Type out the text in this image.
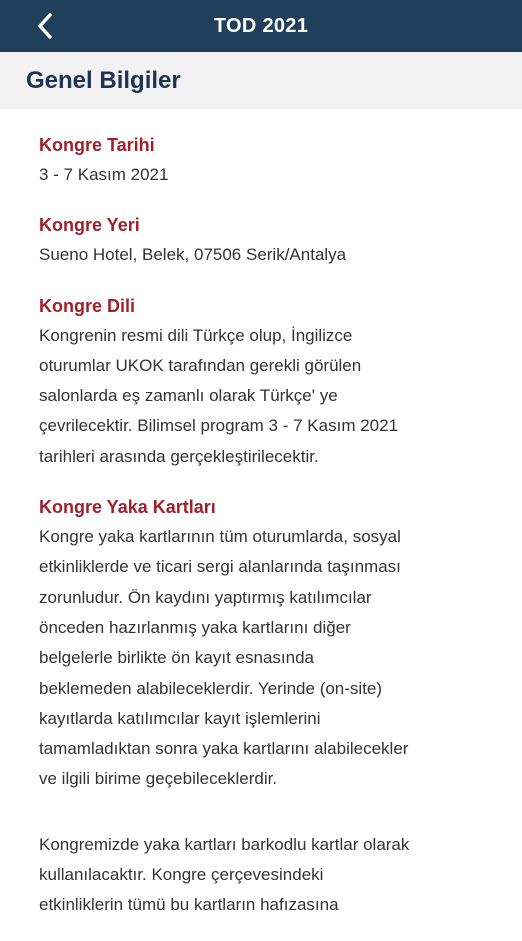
TOD 2021
Genel Bilgiler
Kongre Tarihi
3 - 7 Kasım 2021
Kongre Yeri
Sueno Hotel, Belek, 07506 Serik/Antalya
Kongre Dili
Kongrenin resmi dili Türkçe olup, İngilizce
oturumlar UKOK tarafından gerekli görülen
salonlarda eş zamanlı olarak Türkçe' ye
çevrilecektir. Bilimsel program 3 - 7 Kasım 2021
tarihleri arasında gerçekleştirilecektir.
Kongre Yaka Kartları
Kongre yaka kartlarının tüm oturumlarda, sosyal
etkinliklerde ve ticari sergi alanlarında taşınması
zorunludur. Ön kaydını yaptırmış katılımcılar
önceden hazırlanmış yaka kartlarını diğer
belgelerle birlikte ön kayıt esnasında
beklemeden alabileceklerdir. Yerinde (on-site)
kayıtlarda katılımcılar kayıt işlemlerini
tamamladıktan sonra yaka kartlarını alabilecekler
ve ilgili birime geçebileceklerdir.
Kongremizde yaka kartları barkodlu kartlar olarak
kullanılacaktır. Kongre çerçevesindeki
etkinliklerin tümü bu kartların hafızasına
